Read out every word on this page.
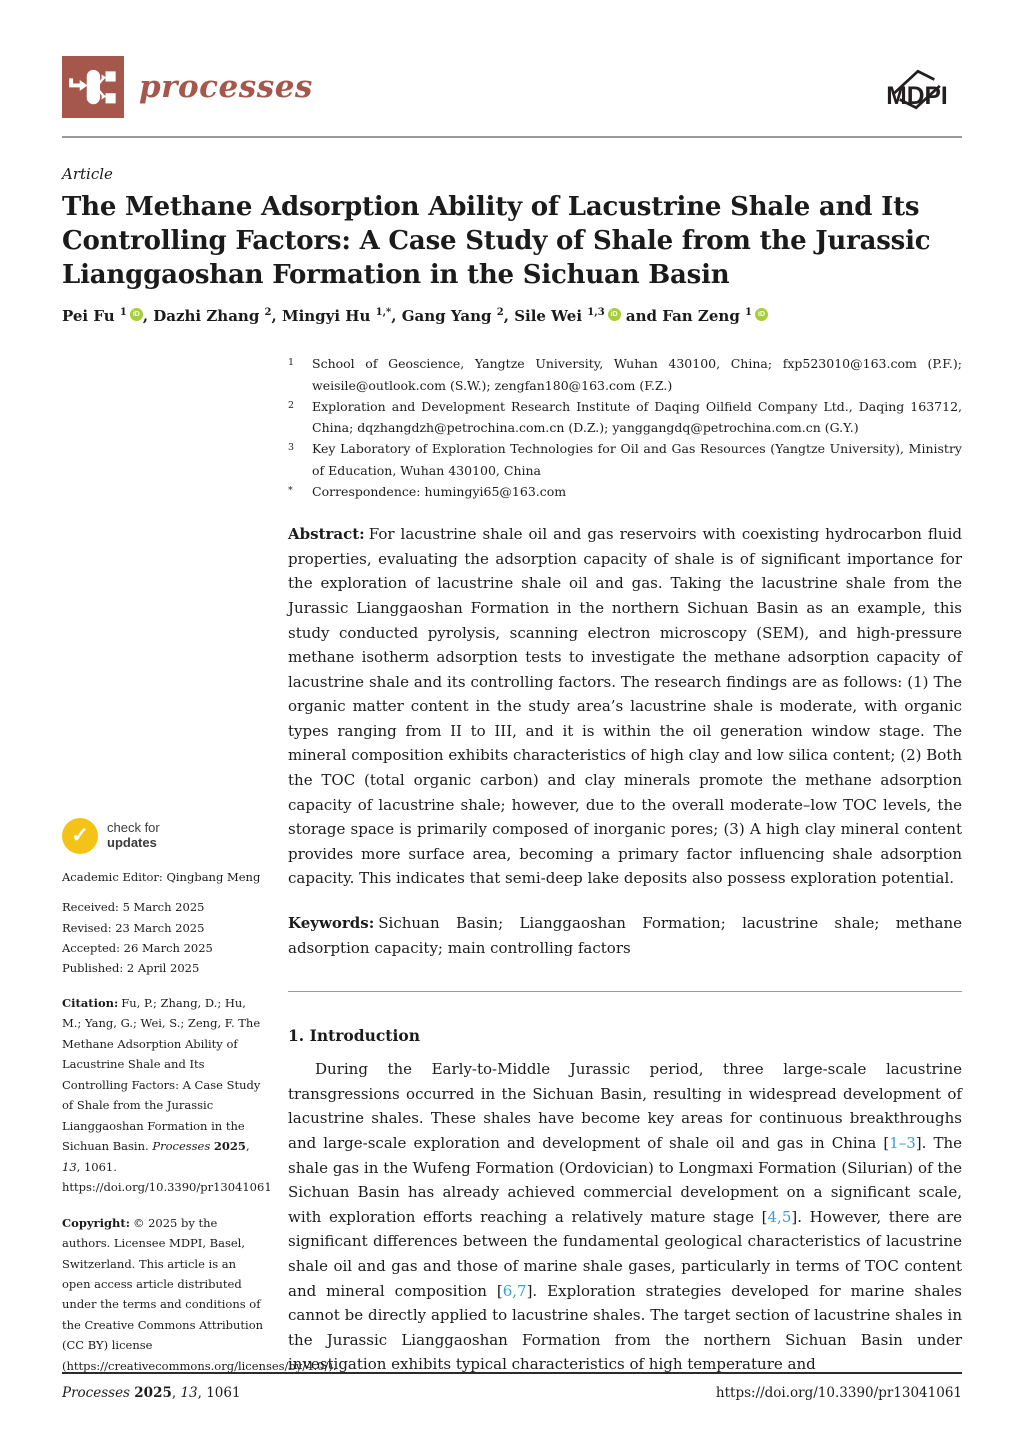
processes	MDPI
Article
The Methane Adsorption Ability of Lacustrine Shale and Its Controlling Factors: A Case Study of Shale from the Jurassic Lianggaoshan Formation in the Sichuan Basin
Pei Fu $^1$ iD , Dazhi Zhang $^2$, Mingyi Hu $^{1,*}$, Gang Yang $^2$, Sile Wei $^{1,3}$ iD and Fan Zeng $^1$ iD
✓	check for
updates
Academic Editor: Qingbang Meng
Received: 5 March 2025
Revised: 23 March 2025
Accepted: 26 March 2025
Published: 2 April 2025

Citation: Fu, P.; Zhang, D.; Hu, M.; Yang, G.; Wei, S.; Zeng, F. The Methane Adsorption Ability of Lacustrine Shale and Its Controlling Factors: A Case Study of Shale from the Jurassic Lianggaoshan Formation in the Sichuan Basin. Processes 2025, 13, 1061. https://doi.org/10.3390/pr13041061

Copyright: © 2025 by the authors. Licensee MDPI, Basel, Switzerland. This article is an open access article distributed under the terms and conditions of the Creative Commons Attribution (CC BY) license (https://creativecommons.org/licenses/by/4.0/).

1	School of Geoscience, Yangtze University, Wuhan 430100, China; fxp523010@163.com (P.F.); weisile@outlook.com (S.W.); zengfan180@163.com (F.Z.)
2	Exploration and Development Research Institute of Daqing Oilfield Company Ltd., Daqing 163712, China; dqzhangdzh@petrochina.com.cn (D.Z.); yanggangdq@petrochina.com.cn (G.Y.)
3	Key Laboratory of Exploration Technologies for Oil and Gas Resources (Yangtze University), Ministry of Education, Wuhan 430100, China
*	Correspondence: humingyi65@163.com

Abstract: For lacustrine shale oil and gas reservoirs with coexisting hydrocarbon fluid properties, evaluating the adsorption capacity of shale is of significant importance for the exploration of lacustrine shale oil and gas. Taking the lacustrine shale from the Jurassic Lianggaoshan Formation in the northern Sichuan Basin as an example, this study conducted pyrolysis, scanning electron microscopy (SEM), and high-pressure methane isotherm adsorption tests to investigate the methane adsorption capacity of lacustrine shale and its controlling factors. The research findings are as follows: (1) The organic matter content in the study area’s lacustrine shale is moderate, with organic types ranging from II to III, and it is within the oil generation window stage. The mineral composition exhibits characteristics of high clay and low silica content; (2) Both the TOC (total organic carbon) and clay minerals promote the methane adsorption capacity of lacustrine shale; however, due to the overall moderate–low TOC levels, the storage space is primarily composed of inorganic pores; (3) A high clay mineral content provides more surface area, becoming a primary factor influencing shale adsorption capacity. This indicates that semi-deep lake deposits also possess exploration potential.

Keywords: Sichuan Basin; Lianggaoshan Formation; lacustrine shale; methane adsorption capacity; main controlling factors

1. Introduction

During the Early-to-Middle Jurassic period, three large-scale lacustrine transgressions occurred in the Sichuan Basin, resulting in widespread development of lacustrine shales. These shales have become key areas for continuous breakthroughs and large-scale exploration and development of shale oil and gas in China [1–3]. The shale gas in the Wufeng Formation (Ordovician) to Longmaxi Formation (Silurian) of the Sichuan Basin has already achieved commercial development on a significant scale, with exploration efforts reaching a relatively mature stage [4,5]. However, there are significant differences between the fundamental geological characteristics of lacustrine shale oil and gas and those of marine shale gases, particularly in terms of TOC content and mineral composition [6,7]. Exploration strategies developed for marine shales cannot be directly applied to lacustrine shales. The target section of lacustrine shales in the Jurassic Lianggaoshan Formation from the northern Sichuan Basin under investigation exhibits typical characteristics of high temperature and

Processes 2025, 13, 1061	https://doi.org/10.3390/pr13041061
